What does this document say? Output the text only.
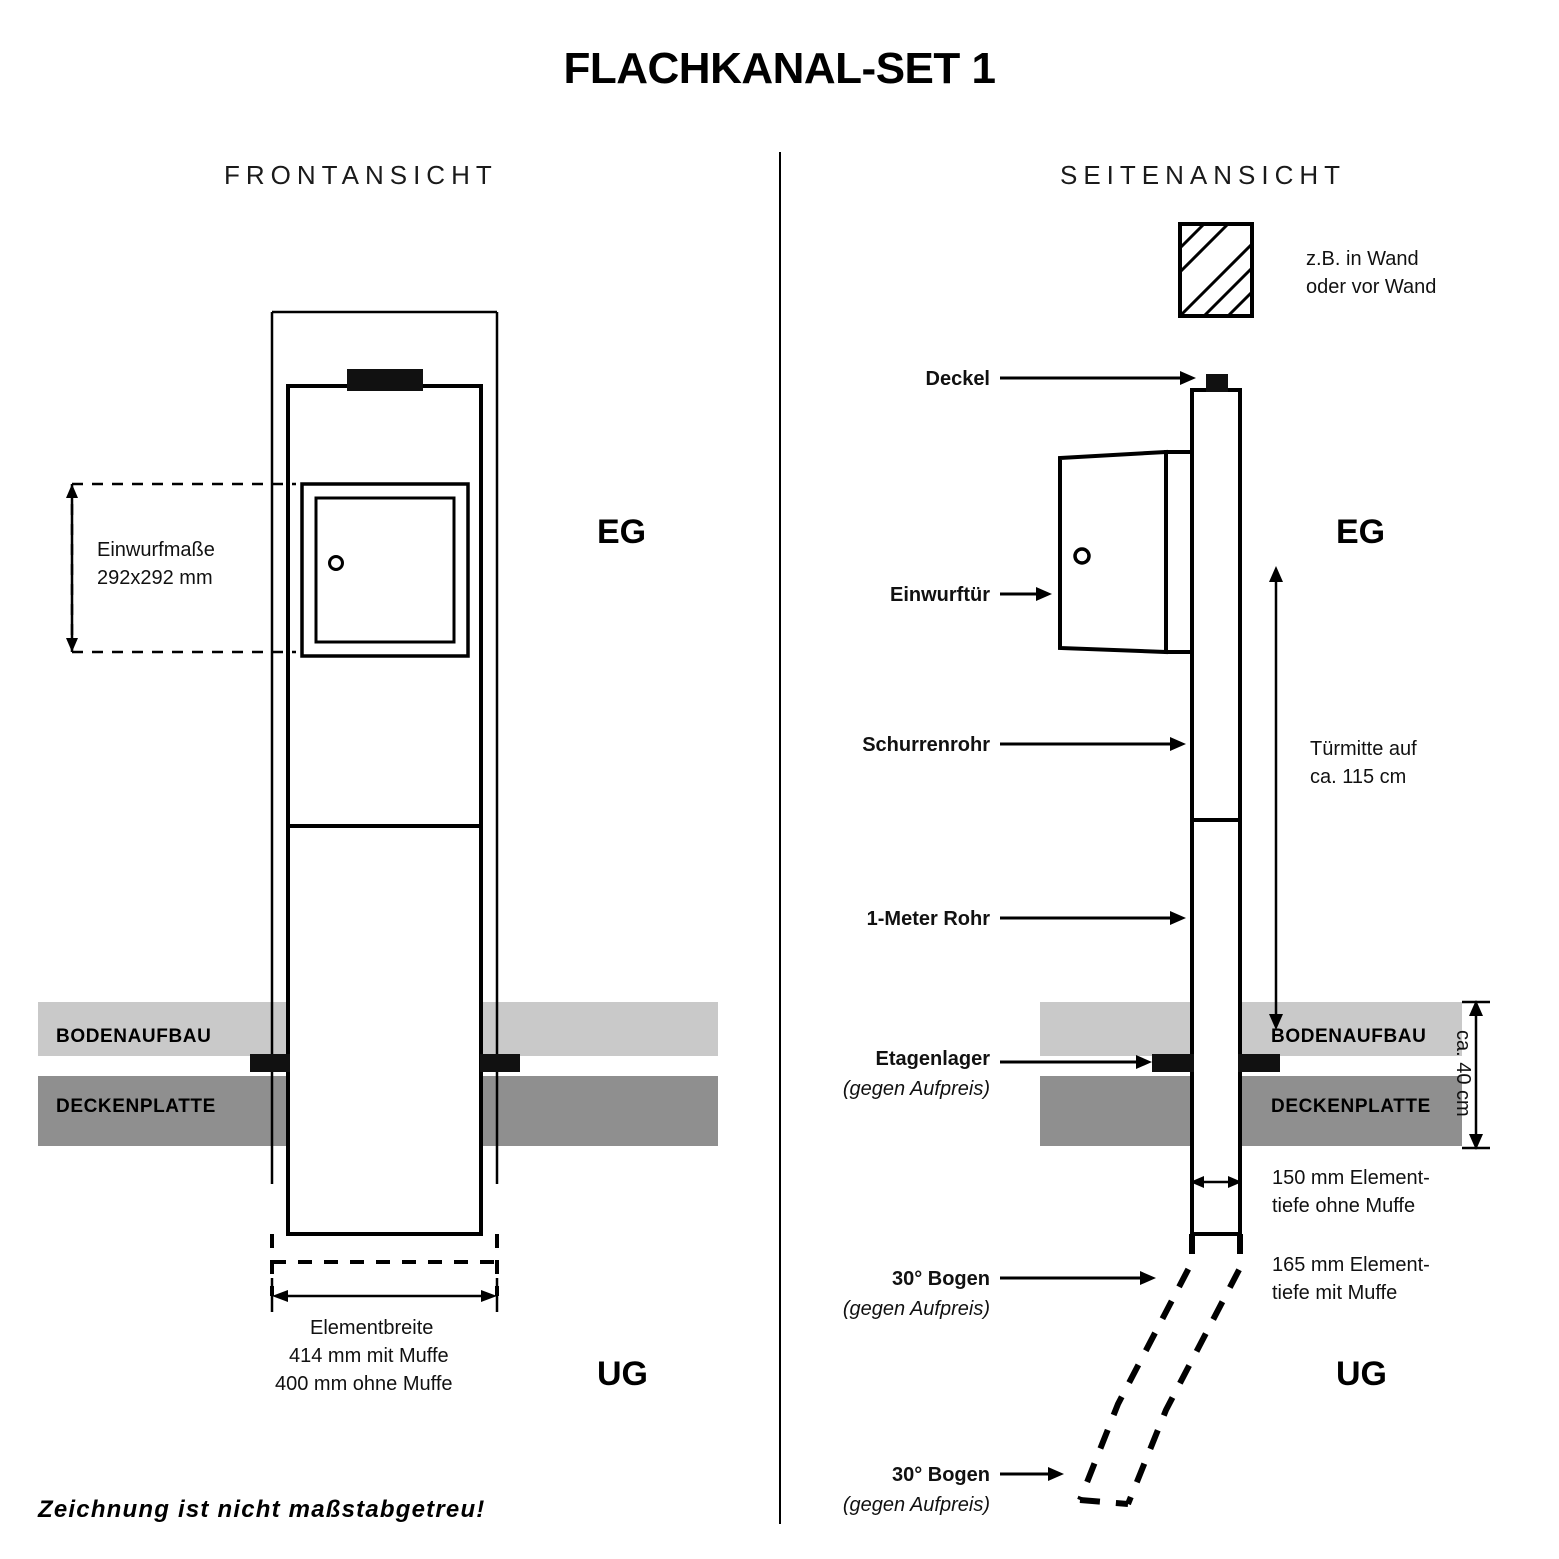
FLACHKANAL-SET 1
FRONTANSICHT	SEITENANSICHT
BODENAUFBAU
DECKENPLATTE
BODENAUFBAU
DECKENPLATTE
EG
UG
EG
UG
Einwurfmaße
292x292 mm
Elementbreite
414 mm mit Muffe
400 mm ohne Muffe
z.B. in Wand
oder vor Wand
Deckel
Einwurftür
Schurrenrohr
1-Meter Rohr
Etagenlager
(gegen Aufpreis)
30° Bogen
(gegen Aufpreis)
30° Bogen
(gegen Aufpreis)
Türmitte auf
ca. 115 cm
ca. 40 cm
150 mm Element-
tiefe ohne Muffe
165 mm Element-
tiefe mit Muffe
Zeichnung ist nicht maßstabgetreu!
